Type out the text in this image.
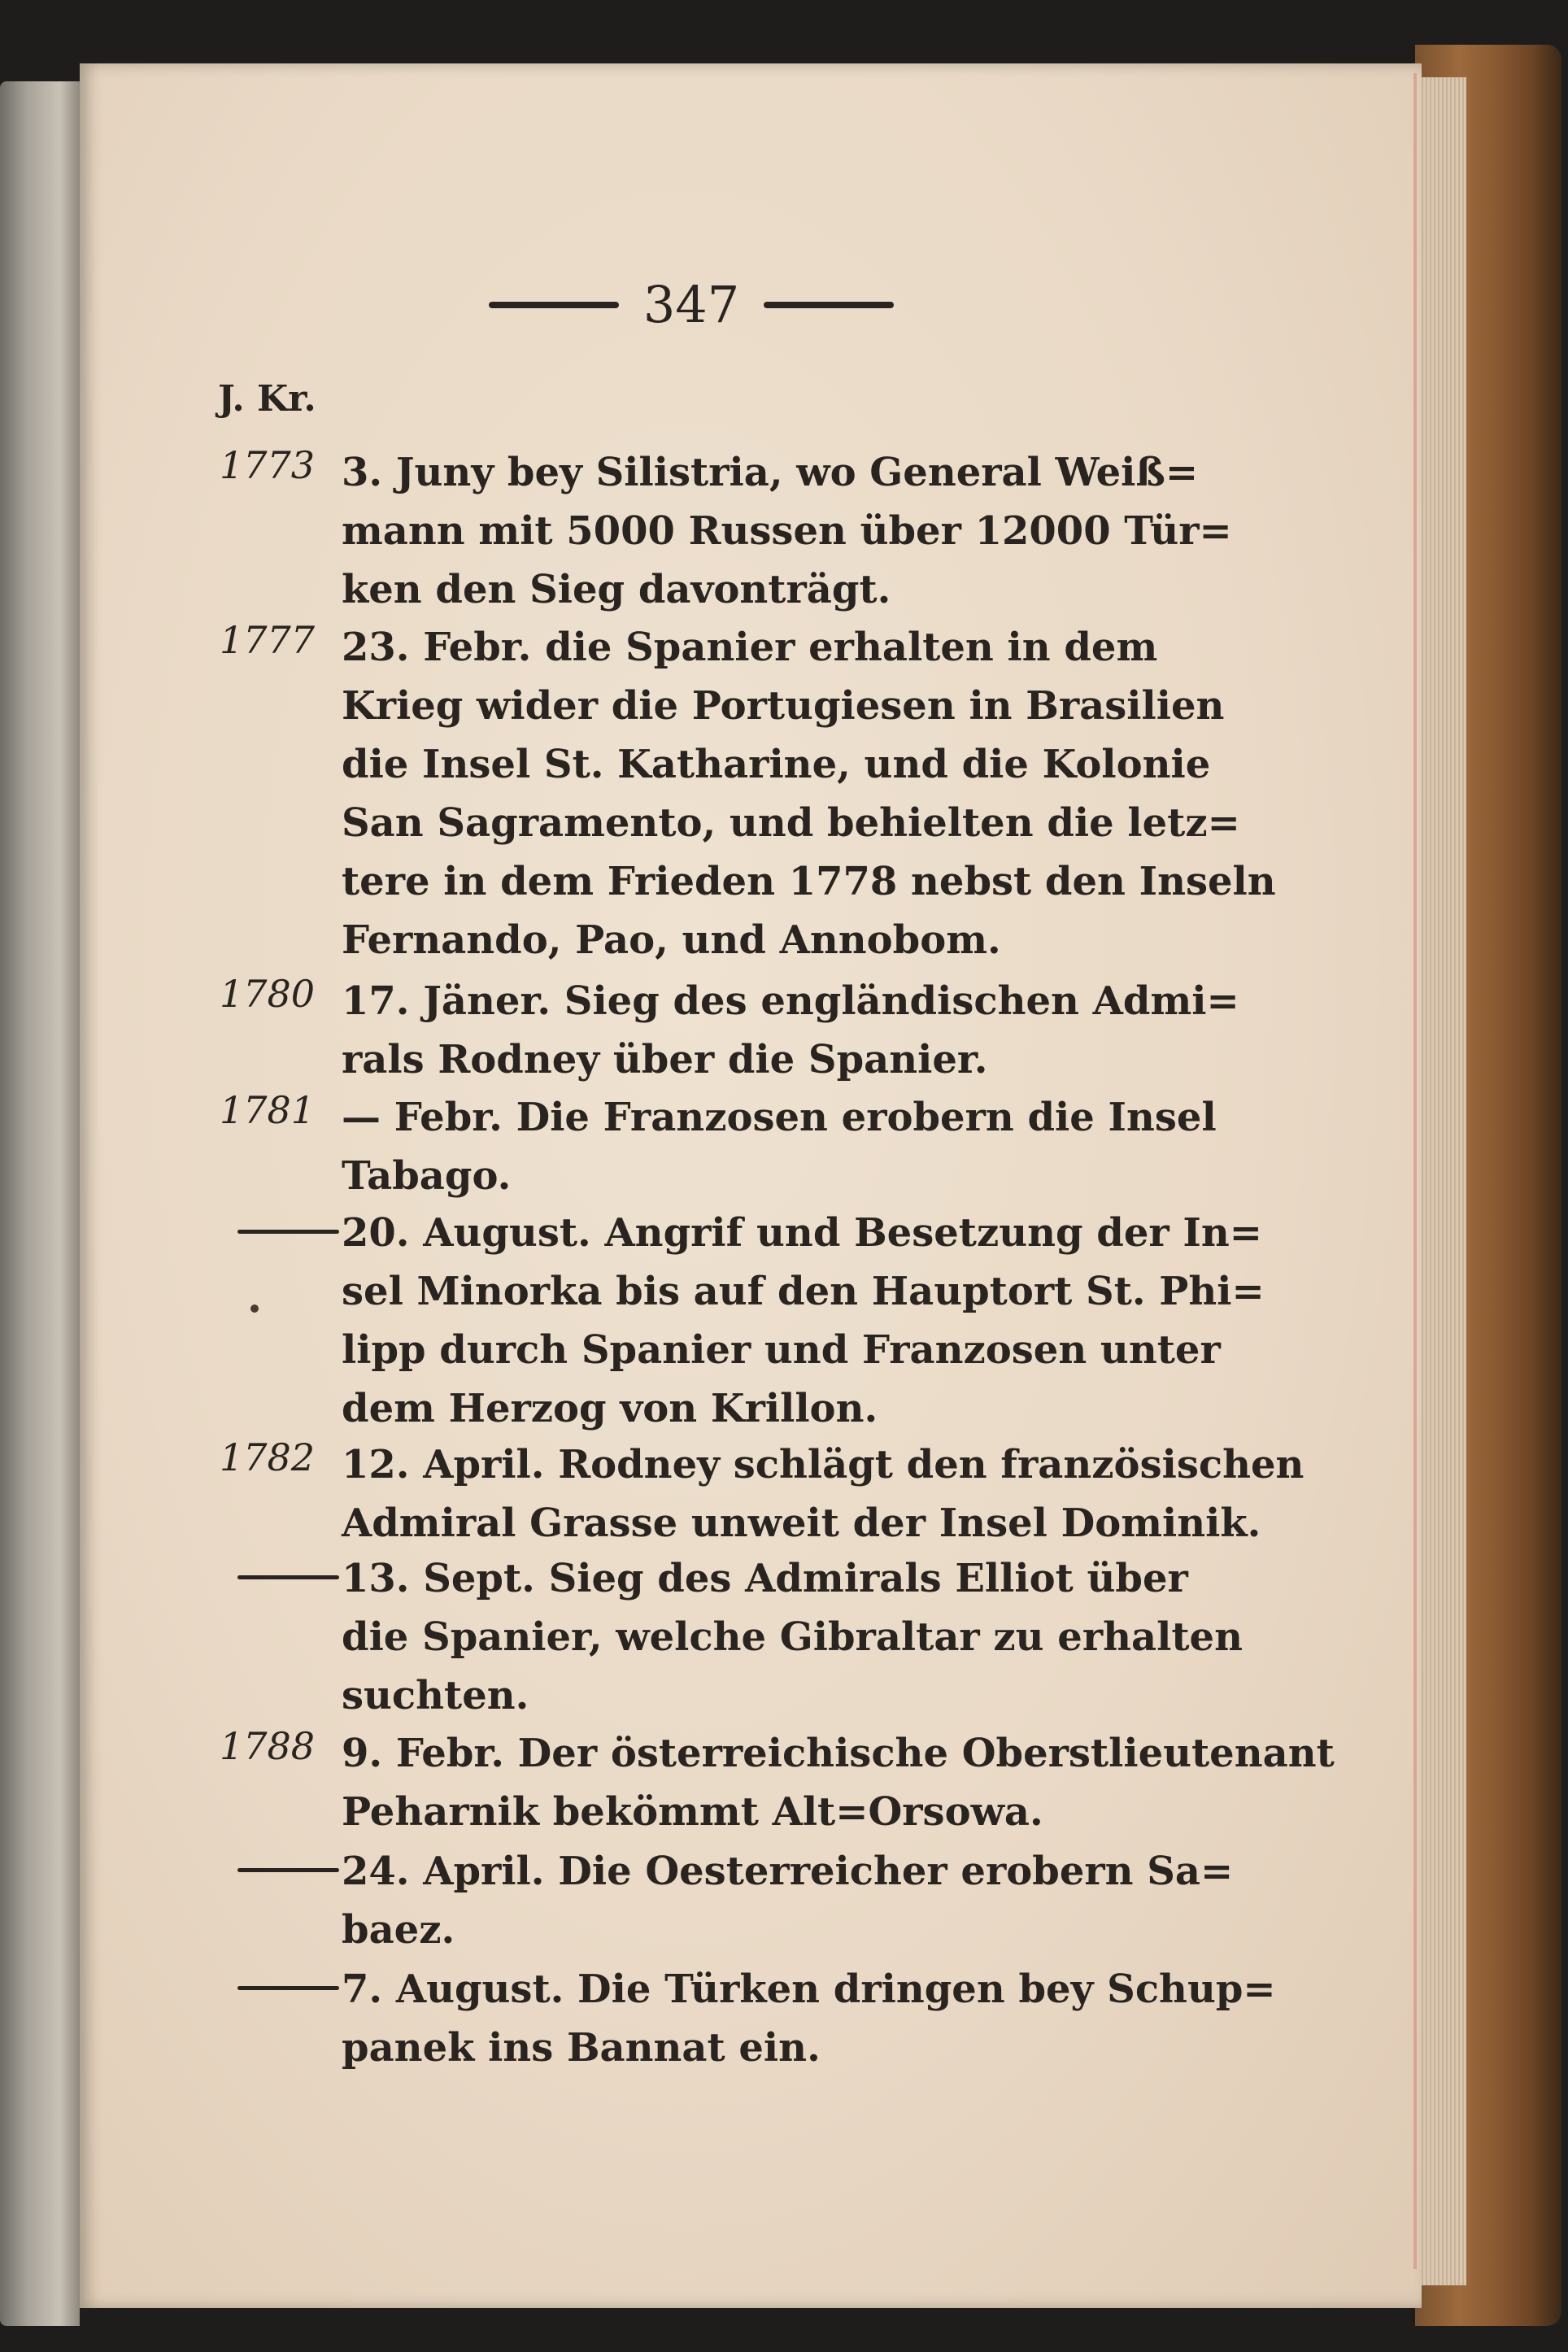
347
J. Kr.
1773 3. Juny bey Silistria, wo General Weiß=
mann mit 5000 Russen über 12000 Tür=
ken den Sieg davonträgt.
1777 23. Febr. die Spanier erhalten in dem
Krieg wider die Portugiesen in Brasilien
die Insel St. Katharine, und die Kolonie
San Sagramento, und behielten die letz=
tere in dem Frieden 1778 nebst den Inseln
Fernando, Pao, und Annobom.
1780 17. Jäner. Sieg des engländischen Admi=
rals Rodney über die Spanier.
1781 — Febr. Die Franzosen erobern die Insel
Tabago.
20. August. Angrif und Besetzung der In=
sel Minorka bis auf den Hauptort St. Phi=
lipp durch Spanier und Franzosen unter
dem Herzog von Krillon.
1782 12. April. Rodney schlägt den französischen
Admiral Grasse unweit der Insel Dominik.
13. Sept. Sieg des Admirals Elliot über
die Spanier, welche Gibraltar zu erhalten
suchten.
1788 9. Febr. Der österreichische Oberstlieutenant
Peharnik bekömmt Alt=Orsowa.
24. April. Die Oesterreicher erobern Sa=
baez.
7. August. Die Türken dringen bey Schup=
panek ins Bannat ein.
